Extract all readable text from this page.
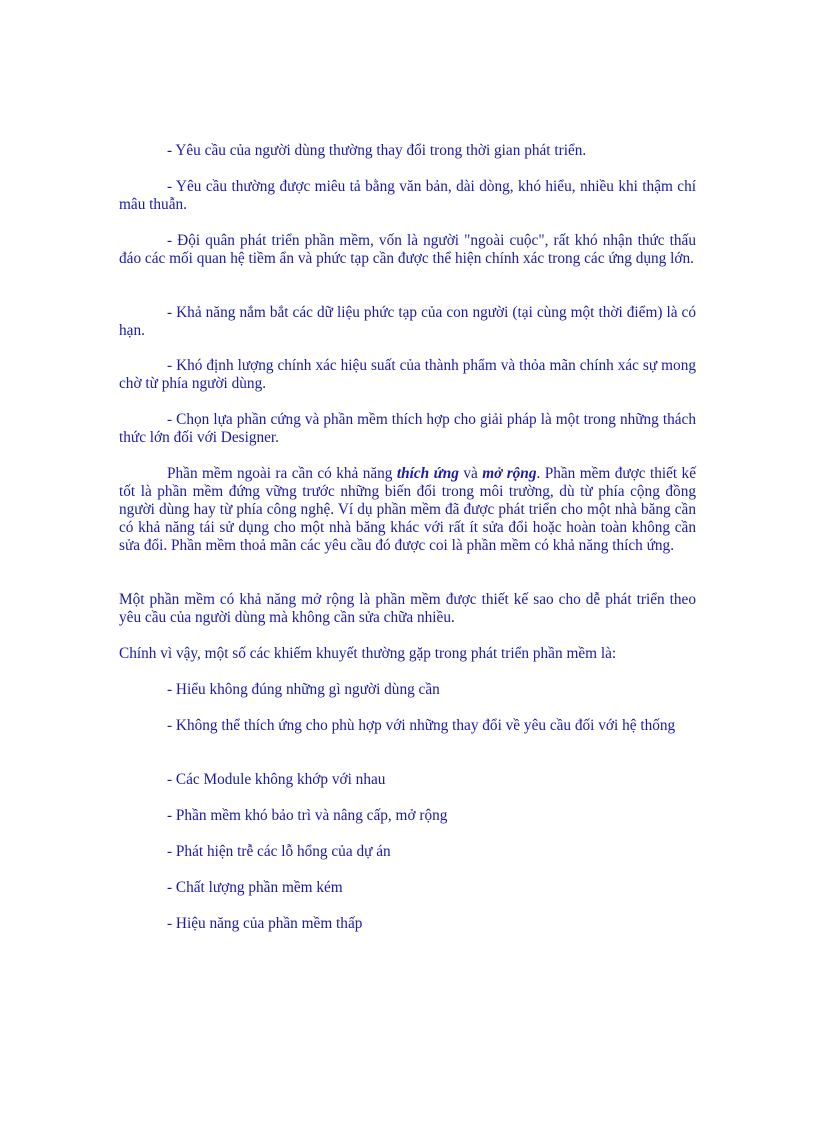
- Yêu cầu của người dùng thường thay đổi trong thời gian phát triển.

- Yêu cầu thường được miêu tả bằng văn bản, dài dòng, khó hiểu, nhiều khi thậm chí mâu thuẫn.

- Đội quân phát triển phần mềm, vốn là người "ngoài cuộc", rất khó nhận thức thấu đáo các mối quan hệ tiềm ẩn và phức tạp cần được thể hiện chính xác trong các ứng dụng lớn.

- Khả năng nắm bắt các dữ liệu phức tạp của con người (tại cùng một thời điểm) là có hạn.

- Khó định lượng chính xác hiệu suất của thành phẩm và thỏa mãn chính xác sự mong chờ từ phía người dùng.

- Chọn lựa phần cứng và phần mềm thích hợp cho giải pháp là một trong những thách thức lớn đối với Designer.

Phần mềm ngoài ra cần có khả năng thích ứng và mở rộng. Phần mềm được thiết kế tốt là phần mềm đứng vững trước những biến đổi trong môi trường, dù từ phía cộng đồng người dùng hay từ phía công nghệ. Ví dụ phần mềm đã được phát triển cho một nhà băng cần có khả năng tái sử dụng cho một nhà băng khác với rất ít sửa đổi hoặc hoàn toàn không cần sửa đổi. Phần mềm thoả mãn các yêu cầu đó được coi là phần mềm có khả năng thích ứng.

Một phần mềm có khả năng mở rộng là phần mềm được thiết kế sao cho dễ phát triển theo yêu cầu của người dùng mà không cần sửa chữa nhiều.

Chính vì vậy, một số các khiếm khuyết thường gặp trong phát triển phần mềm là:

- Hiểu không đúng những gì người dùng cần

- Không thể thích ứng cho phù hợp với những thay đổi về yêu cầu đối với hệ thống

- Các Module không khớp với nhau

- Phần mềm khó bảo trì và nâng cấp, mở rộng

- Phát hiện trễ các lỗ hổng của dự án

- Chất lượng phần mềm kém

- Hiệu năng của phần mềm thấp
